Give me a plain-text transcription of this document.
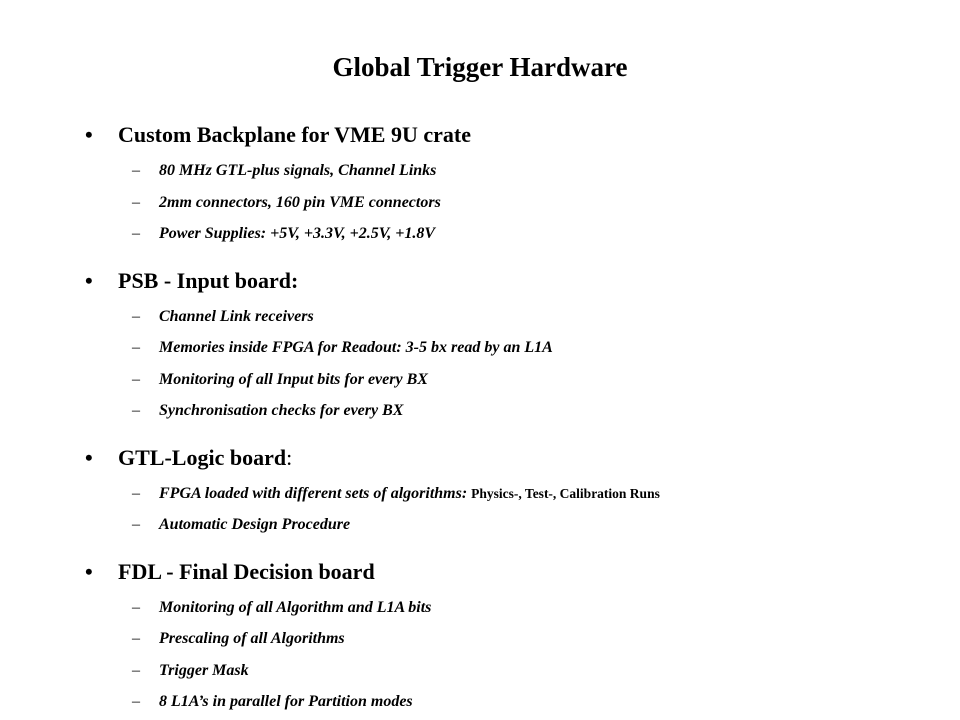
Global Trigger Hardware
• Custom Backplane for VME 9U crate
– 80 MHz GTL-plus signals, Channel Links
– 2mm connectors, 160 pin VME connectors
– Power Supplies: +5V, +3.3V, +2.5V, +1.8V
• PSB - Input board:
– Channel Link receivers
– Memories inside FPGA for Readout: 3-5 bx read by an L1A
– Monitoring of all Input bits for every BX
– Synchronisation checks for every BX
• GTL-Logic board:
– FPGA loaded with different sets of algorithms: Physics-, Test-, Calibration Runs
– Automatic Design Procedure
• FDL - Final Decision board
– Monitoring of all Algorithm and L1A bits
– Prescaling of all Algorithms
– Trigger Mask
– 8 L1A’s in parallel for Partition modes
